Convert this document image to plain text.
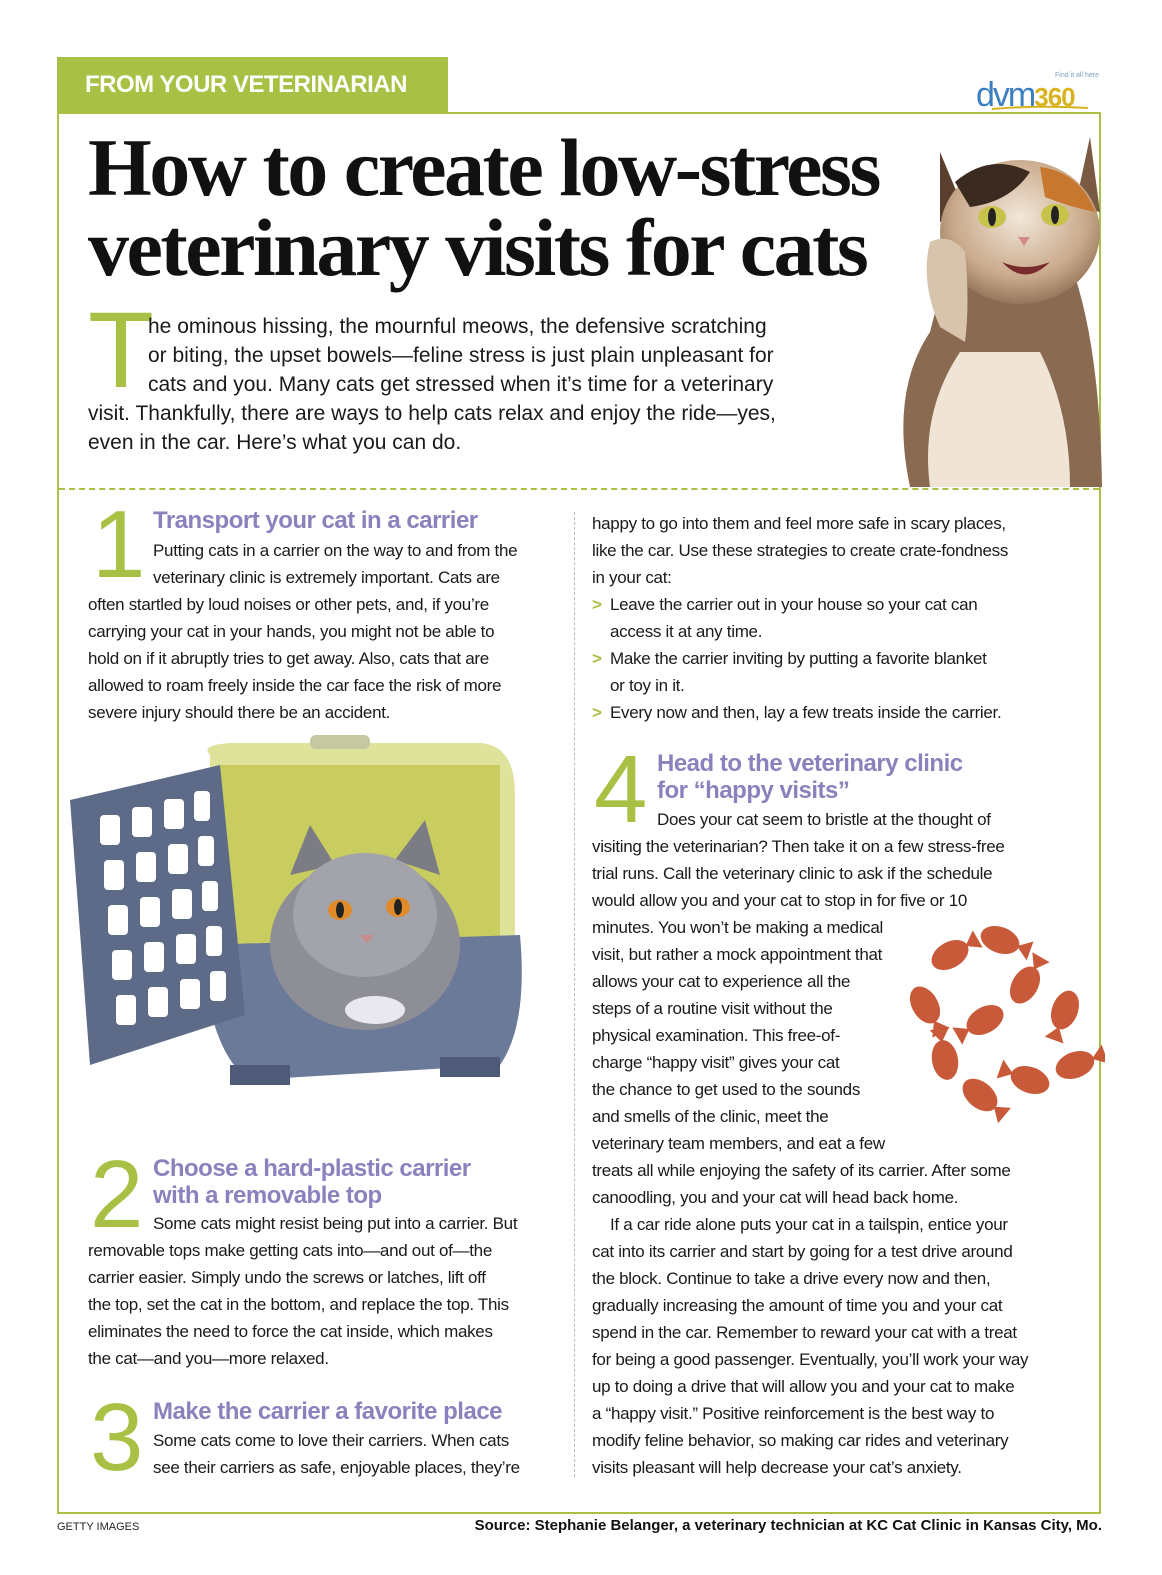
FROM YOUR VETERINARIAN	Find it all here
dvm360
How to create low-stress
veterinary visits for cats
T
he ominous hissing, the mournful meows, the defensive scratching
or biting, the upset bowels—feline stress is just plain unpleasant for
cats and you. Many cats get stressed when it’s time for a veterinary
visit. Thankfully, there are ways to help cats relax and enjoy the ride—yes,
even in the car. Here’s what you can do.
1 Transport your cat in a carrier
Putting cats in a carrier on the way to and from the
veterinary clinic is extremely important. Cats are
often startled by loud noises or other pets, and, if you’re
carrying your cat in your hands, you might not be able to
hold on if it abruptly tries to get away. Also, cats that are
allowed to roam freely inside the car face the risk of more
severe injury should there be an accident.
2 Choose a hard-plastic carrier
with a removable top
Some cats might resist being put into a carrier. But
removable tops make getting cats into—and out of—the
carrier easier. Simply undo the screws or latches, lift off
the top, set the cat in the bottom, and replace the top. This
eliminates the need to force the cat inside, which makes
the cat—and you—more relaxed.
3 Make the carrier a favorite place
Some cats come to love their carriers. When cats
see their carriers as safe, enjoyable places, they’re
happy to go into them and feel more safe in scary places,
like the car. Use these strategies to create crate-fondness
in your cat:
> Leave the carrier out in your house so your cat can
access it at any time.
> Make the carrier inviting by putting a favorite blanket
or toy in it.
> Every now and then, lay a few treats inside the carrier.
4 Head to the veterinary clinic
for “happy visits”
Does your cat seem to bristle at the thought of
visiting the veterinarian? Then take it on a few stress-free
trial runs. Call the veterinary clinic to ask if the schedule
would allow you and your cat to stop in for five or 10
minutes. You won’t be making a medical
visit, but rather a mock appointment that
allows your cat to experience all the
steps of a routine visit without the
physical examination. This free-of-
charge “happy visit” gives your cat
the chance to get used to the sounds
and smells of the clinic, meet the
veterinary team members, and eat a few
treats all while enjoying the safety of its carrier. After some
canoodling, you and your cat will head back home.
If a car ride alone puts your cat in a tailspin, entice your
cat into its carrier and start by going for a test drive around
the block. Continue to take a drive every now and then,
gradually increasing the amount of time you and your cat
spend in the car. Remember to reward your cat with a treat
for being a good passenger. Eventually, you’ll work your way
up to doing a drive that will allow you and your cat to make
a “happy visit.” Positive reinforcement is the best way to
modify feline behavior, so making car rides and veterinary
visits pleasant will help decrease your cat’s anxiety.
GETTY IMAGES	Source: Stephanie Belanger, a veterinary technician at KC Cat Clinic in Kansas City, Mo.
